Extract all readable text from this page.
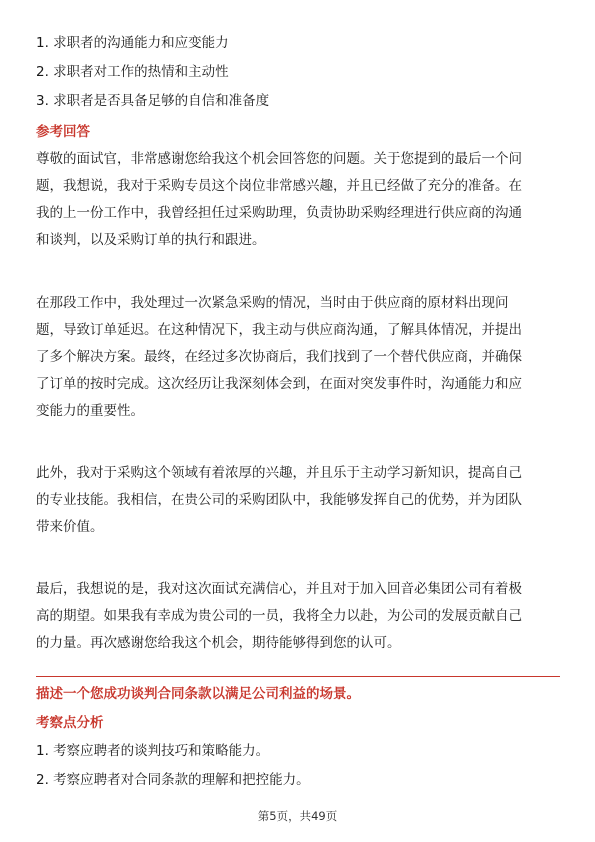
1. 求职者的沟通能力和应变能力
2. 求职者对工作的热情和主动性
3. 求职者是否具备足够的自信和准备度
参考回答
尊敬的面试官，非常感谢您给我这个机会回答您的问题。关于您提到的最后一个问
题，我想说，我对于采购专员这个岗位非常感兴趣，并且已经做了充分的准备。在
我的上一份工作中，我曾经担任过采购助理，负责协助采购经理进行供应商的沟通
和谈判，以及采购订单的执行和跟进。
在那段工作中，我处理过一次紧急采购的情况，当时由于供应商的原材料出现问
题，导致订单延迟。在这种情况下，我主动与供应商沟通，了解具体情况，并提出
了多个解决方案。最终，在经过多次协商后，我们找到了一个替代供应商，并确保
了订单的按时完成。这次经历让我深刻体会到，在面对突发事件时，沟通能力和应
变能力的重要性。
此外，我对于采购这个领域有着浓厚的兴趣，并且乐于主动学习新知识，提高自己
的专业技能。我相信，在贵公司的采购团队中，我能够发挥自己的优势，并为团队
带来价值。
最后，我想说的是，我对这次面试充满信心，并且对于加入回音必集团公司有着极
高的期望。如果我有幸成为贵公司的一员，我将全力以赴，为公司的发展贡献自己
的力量。再次感谢您给我这个机会，期待能够得到您的认可。
描述一个您成功谈判合同条款以满足公司利益的场景。
考察点分析
1. 考察应聘者的谈判技巧和策略能力。
2. 考察应聘者对合同条款的理解和把控能力。
第5页，共49页
